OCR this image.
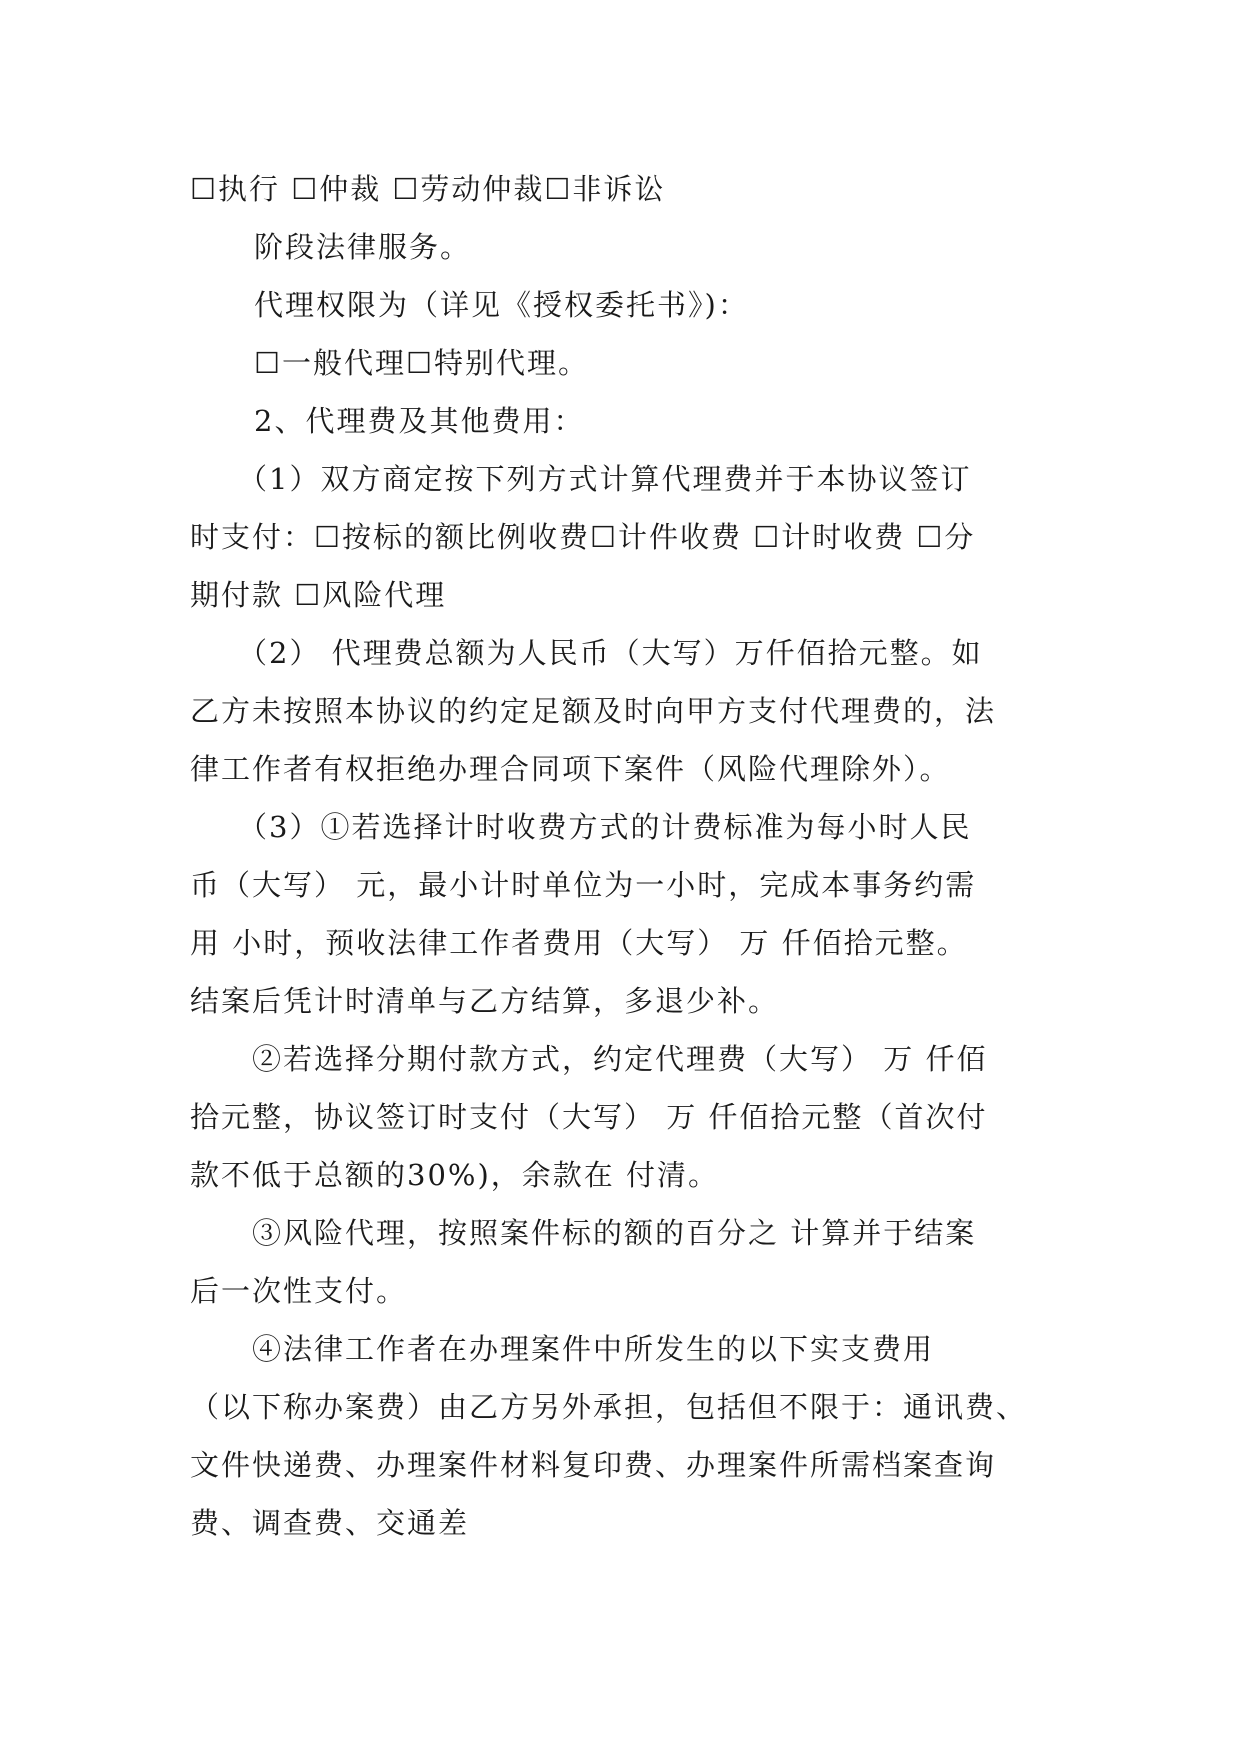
☐执行 ☐仲裁 ☐劳动仲裁☐非诉讼
阶段法律服务。
代理权限为（详见《授权委托书》)：
☐一般代理☐特别代理。
2、代理费及其他费用：
（1）双方商定按下列方式计算代理费并于本协议签订
时支付：☐按标的额比例收费☐计件收费 ☐计时收费 ☐分
期付款 ☐风险代理
（2） 代理费总额为人民币（大写）万仟佰拾元整。如
乙方未按照本协议的约定足额及时向甲方支付代理费的，法
律工作者有权拒绝办理合同项下案件（风险代理除外）。
（3）①若选择计时收费方式的计费标准为每小时人民
币（大写） 元，最小计时单位为一小时，完成本事务约需
用 小时，预收法律工作者费用（大写） 万 仟佰拾元整。
结案后凭计时清单与乙方结算，多退少补。
②若选择分期付款方式，约定代理费（大写） 万 仟佰
拾元整，协议签订时支付（大写） 万 仟佰拾元整（首次付
款不低于总额的30%)，余款在 付清。
③风险代理，按照案件标的额的百分之 计算并于结案
后一次性支付。
④法律工作者在办理案件中所发生的以下实支费用
（以下称办案费）由乙方另外承担，包括但不限于：通讯费、
文件快递费、办理案件材料复印费、办理案件所需档案查询
费、调查费、交通差
